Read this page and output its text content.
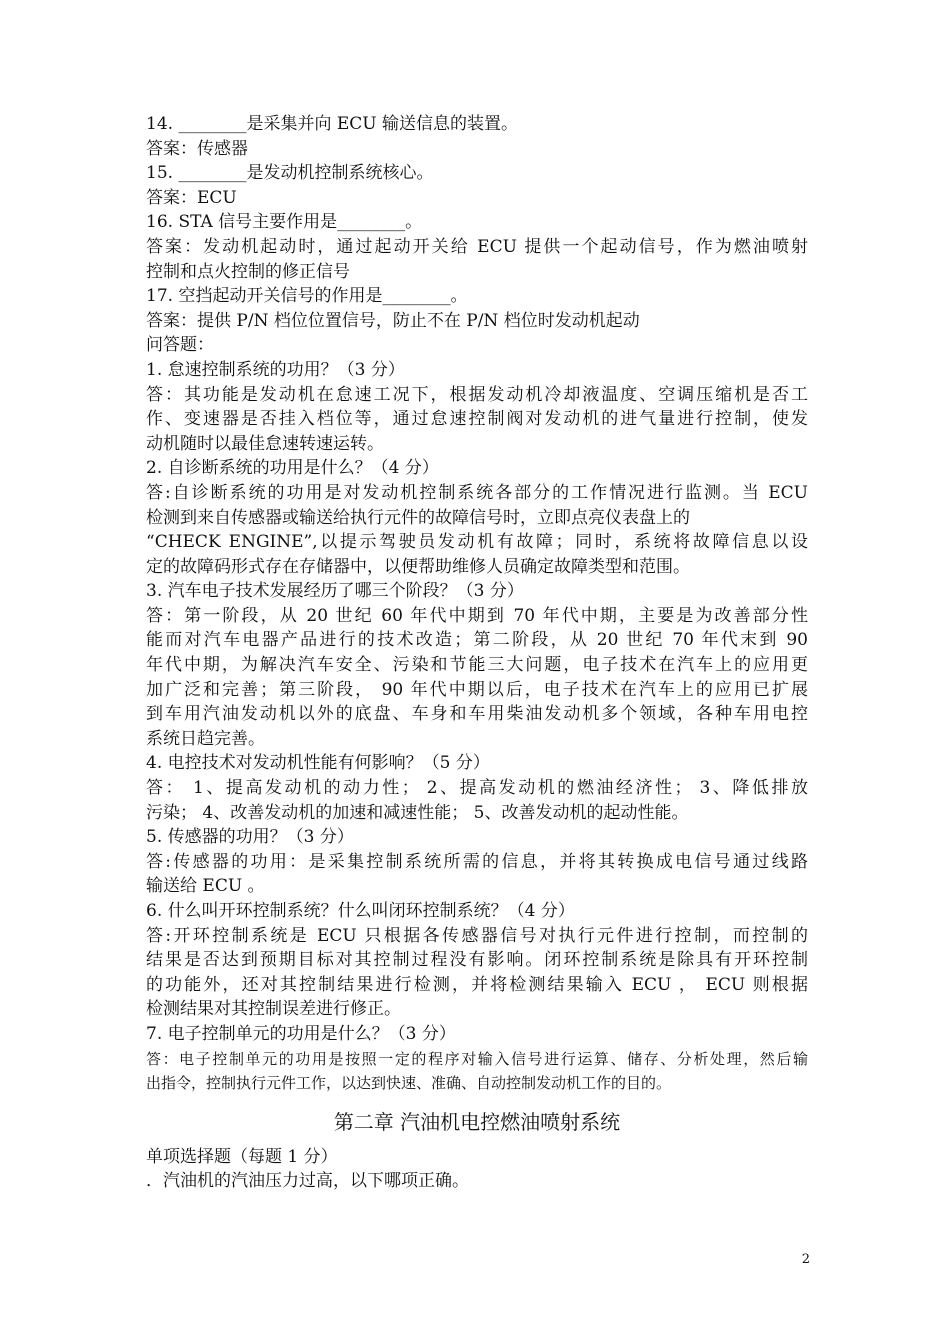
14. ________是采集并向 ECU 输送信息的装置。
答案：传感器
15. ________是发动机控制系统核心。
答案：ECU
16. STA 信号主要作用是________。
答案：发动机起动时，通过起动开关给 ECU 提供一个起动信号，作为燃油喷射
控制和点火控制的修正信号
17. 空挡起动开关信号的作用是________。
答案：提供 P/N 档位位置信号，防止不在 P/N 档位时发动机起动
问答题：
1. 怠速控制系统的功用？（3 分）
答：其功能是发动机在怠速工况下，根据发动机冷却液温度、空调压缩机是否工
作、变速器是否挂入档位等，通过怠速控制阀对发动机的进气量进行控制，使发
动机随时以最佳怠速转速运转。
2. 自诊断系统的功用是什么？（4 分）
答:自诊断系统的功用是对发动机控制系统各部分的工作情况进行监测。当 ECU
检测到来自传感器或输送给执行元件的故障信号时，立即点亮仪表盘上的
“CHECK ENGINE”,以提示驾驶员发动机有故障；同时，系统将故障信息以设
定的故障码形式存在存储器中，以便帮助维修人员确定故障类型和范围。
3. 汽车电子技术发展经历了哪三个阶段？（3 分）
答：第一阶段，从 20 世纪 60 年代中期到 70 年代中期，主要是为改善部分性
能而对汽车电器产品进行的技术改造；第二阶段，从 20 世纪 70 年代末到 90
年代中期，为解决汽车安全、污染和节能三大问题，电子技术在汽车上的应用更
加广泛和完善；第三阶段， 90 年代中期以后，电子技术在汽车上的应用已扩展
到车用汽油发动机以外的底盘、车身和车用柴油发动机多个领域，各种车用电控
系统日趋完善。
4. 电控技术对发动机性能有何影响？（5 分）
答： 1、提高发动机的动力性； 2、提高发动机的燃油经济性； 3、降低排放
污染； 4、改善发动机的加速和减速性能； 5、改善发动机的起动性能。
5. 传感器的功用？（3 分）
答:传感器的功用：是采集控制系统所需的信息，并将其转换成电信号通过线路
输送给 ECU 。
6. 什么叫开环控制系统？什么叫闭环控制系统？（4 分）
答:开环控制系统是 ECU 只根据各传感器信号对执行元件进行控制，而控制的
结果是否达到预期目标对其控制过程没有影响。闭环控制系统是除具有开环控制
的功能外，还对其控制结果进行检测，并将检测结果输入 ECU ， ECU 则根据
检测结果对其控制误差进行修正。
7. 电子控制单元的功用是什么？（3 分）
答：电子控制单元的功用是按照一定的程序对输入信号进行运算、储存、分析处理，然后输
出指令，控制执行元件工作，以达到快速、准确、自动控制发动机工作的目的。
第二章 汽油机电控燃油喷射系统
单项选择题（每题 1 分）
．汽油机的汽油压力过高，以下哪项正确。
2
